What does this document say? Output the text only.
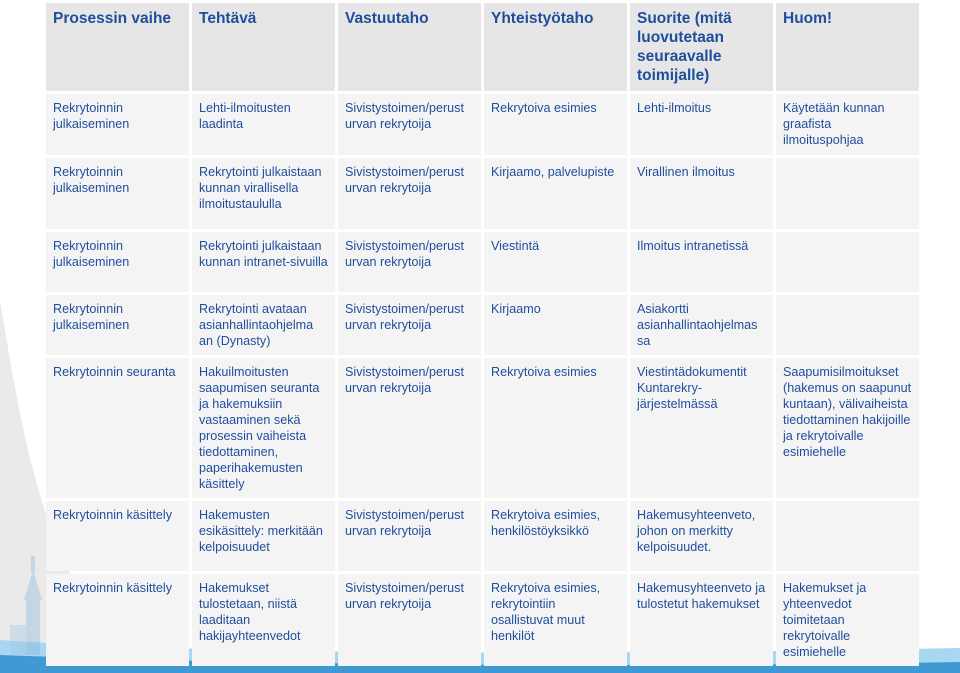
Prosessin vaihe	Tehtävä	Vastuutaho	Yhteistyötaho	Suorite (mitä luovutetaan seuraavalle toimijalle)	Huom!
Rekrytoinnin julkaiseminen	Lehti-ilmoitusten laadinta	Sivistystoimen/perust urvan rekrytoija	Rekrytoiva esimies	Lehti-ilmoitus	Käytetään kunnan graafista ilmoituspohjaa
Rekrytoinnin julkaiseminen	Rekrytointi julkaistaan kunnan virallisella ilmoitustaululla	Sivistystoimen/perust urvan rekrytoija	Kirjaamo, palvelupiste	Virallinen ilmoitus	
Rekrytoinnin julkaiseminen	Rekrytointi julkaistaan kunnan intranet-sivuilla	Sivistystoimen/perust urvan rekrytoija	Viestintä	Ilmoitus intranetissä	
Rekrytoinnin julkaiseminen	Rekrytointi avataan asianhallintaohjelma an (Dynasty)	Sivistystoimen/perust urvan rekrytoija	Kirjaamo	Asiakortti asianhallintaohjelmas sa	
Rekrytoinnin seuranta	Hakuilmoitusten saapumisen seuranta ja hakemuksiin vastaaminen sekä prosessin vaiheista tiedottaminen, paperihakemusten käsittely	Sivistystoimen/perust urvan rekrytoija	Rekrytoiva esimies	Viestintädokumentit Kuntarekry-järjestelmässä	Saapumisilmoitukset (hakemus on saapunut kuntaan), välivaiheista tiedottaminen hakijoille ja rekrytoivalle esimiehelle
Rekrytoinnin käsittely	Hakemusten esikäsittely: merkitään kelpoisuudet	Sivistystoimen/perust urvan rekrytoija	Rekrytoiva esimies, henkilöstöyksikkö	Hakemusyhteenveto, johon on merkitty kelpoisuudet.	
Rekrytoinnin käsittely	Hakemukset tulostetaan, niistä laaditaan hakijayhteenvedot	Sivistystoimen/perust urvan rekrytoija	Rekrytoiva esimies, rekrytointiin osallistuvat muut henkilöt	Hakemusyhteenveto ja tulostetut hakemukset	Hakemukset ja yhteenvedot toimitetaan rekrytoivalle esimiehelle
